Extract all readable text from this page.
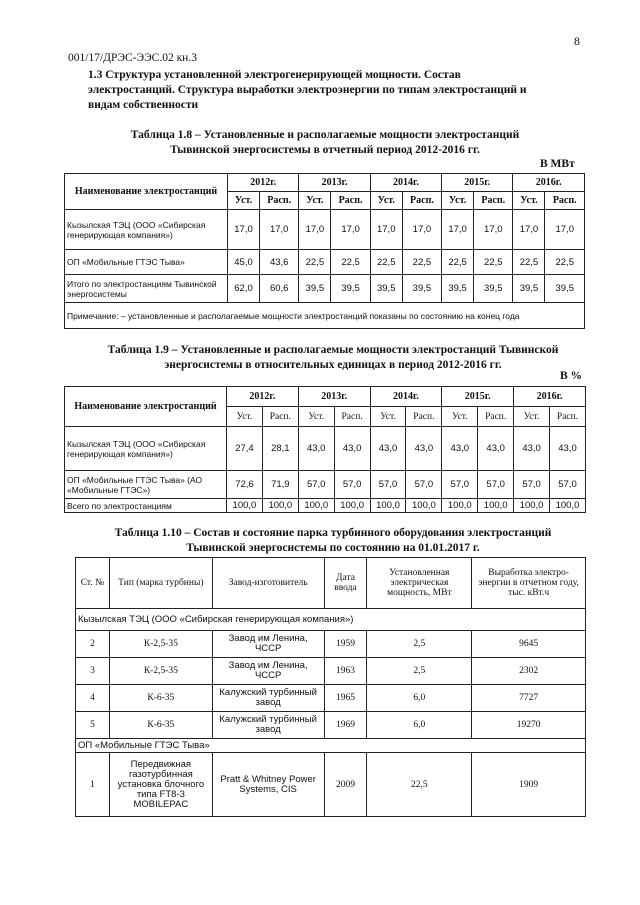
8
001/17/ДРЭС-ЭЭС.02 кн.3
1.3 Структура установленной электрогенерирующей мощности. Состав электростанций. Структура выработки электроэнергии по типам электростанций и видам собственности
Таблица 1.8 – Установленные и располагаемые мощности электростанций
Тывинской энергосистемы в отчетный период 2012-2016 гг.
В МВт
Наименование электростанций	2012г.		2013г.		2014г.		2015г.		2016г.	
	Уст.	Расп.	Уст.	Расп.	Уст.	Расп.	Уст.	Расп.	Уст.	Расп.
Кызылская ТЭЦ (ООО «Сибирская генерирующая компания»)	17,0	17,0	17,0	17,0	17,0	17,0	17,0	17,0	17,0	17,0
ОП «Мобильные ГТЭС Тыва»	45,0	43,6	22,5	22,5	22,5	22,5	22,5	22,5	22,5	22,5
Итого по электростанциям Тывинской энергосистемы	62,0	60,6	39,5	39,5	39,5	39,5	39,5	39,5	39,5	39,5
Примечание: – установленные и располагаемые мощности электростанций показаны по состоянию на конец года										
Таблица 1.9 – Установленные и располагаемые мощности электростанций Тывинской
энергосистемы в относительных единицах в период 2012-2016 гг.
В %
Наименование электростанций	2012г.		2013г.		2014г.		2015г.		2016г.	
	Уст.	Расп.	Уст.	Расп.	Уст.	Расп.	Уст.	Расп.	Уст.	Расп.
Кызылская ТЭЦ (ООО «Сибирская генерирующая компания»)	27,4	28,1	43,0	43,0	43,0	43,0	43,0	43,0	43,0	43,0
ОП «Мобильные ГТЭС Тыва» (АО «Мобильные ГТЭС»)	72,6	71,9	57,0	57,0	57,0	57,0	57,0	57,0	57,0	57,0
Всего по электростанциям	100,0	100,0	100,0	100,0	100,0	100,0	100,0	100,0	100,0	100,0
Таблица 1.10 – Состав и состояние парка турбинного оборудования электростанций
Тывинской энергосистемы по состоянию на 01.01.2017 г.
Ст. №	Тип (марка турбины)	Завод-изготовитель	Дата ввода	Установленная электрическая мощность, МВт	Выработка электро-энергии в отчетном году, тыс. кВт.ч
Кызылская ТЭЦ (ООО «Сибирская генерирующая компания»)					
2	К-2,5-35	Завод им Ленина, ЧССР	1959	2,5	9645
3	К-2,5-35	Завод им Ленина, ЧССР	1963	2,5	2302
4	К-6-35	Калужский турбинный завод	1965	6,0	7727
5	К-6-35	Калужский турбинный завод	1969	6,0	19270
ОП «Мобильные ГТЭС Тыва»					
1	Передвижная газотурбинная установка блочного типа FT8-3 MOBILEPAC	Pratt & Whitney Power Systems, CIS	2009	22,5	1909
